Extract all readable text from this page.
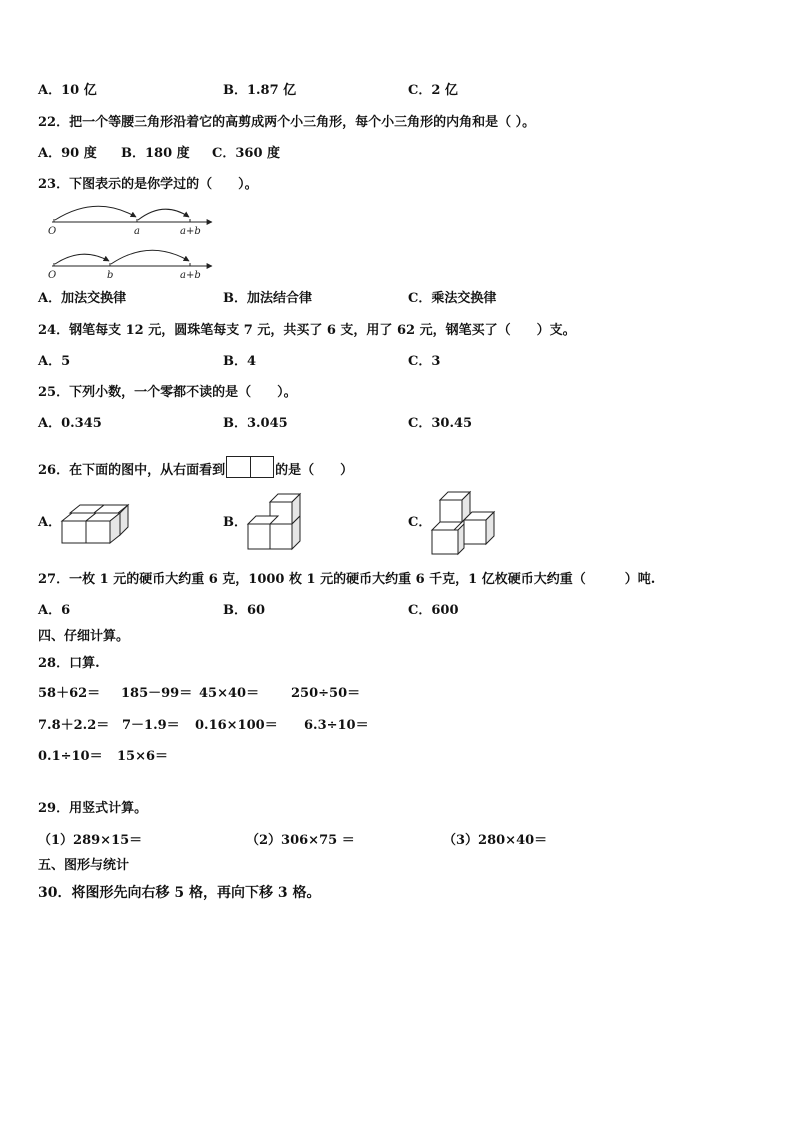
A．10 亿	B．1.87 亿	C．2 亿
22．把一个等腰三角形沿着它的高剪成两个小三角形，每个小三角形的内角和是（ ）。
A．90 度 B．180 度 C．360 度
23．下图表示的是你学过的（　　）。
O	a	a+b
O	b	a+b
A．加法交换律	B．加法结合律	C．乘法交换律
24．钢笔每支 12 元，圆珠笔每支 7 元，共买了 6 支，用了 62 元，钢笔买了（　　）支。
A．5	B．4	C．3
25．下列小数，一个零都不读的是（　　）。
A．0.345	B．3.045	C．30.45
26．在下面的图中，从右面看到	的是（　　）
A．	B．	C．
27．一枚 1 元的硬币大约重 6 克，1000 枚 1 元的硬币大约重 6 千克，1 亿枚硬币大约重（　　　）吨.
A．6	B．60	C．600
四、仔细计算。
28．口算.
58＋62＝ 185－99＝ 45×40＝ 250÷50＝
7.8＋2.2＝ 7－1.9＝ 0.16×100＝ 6.3÷10＝
0.1÷10＝ 15×6＝
29．用竖式计算。
（1）289×15＝	（2）306×75 ＝	（3）280×40＝
五、图形与统计
30．将图形先向右移 5 格，再向下移 3 格。
